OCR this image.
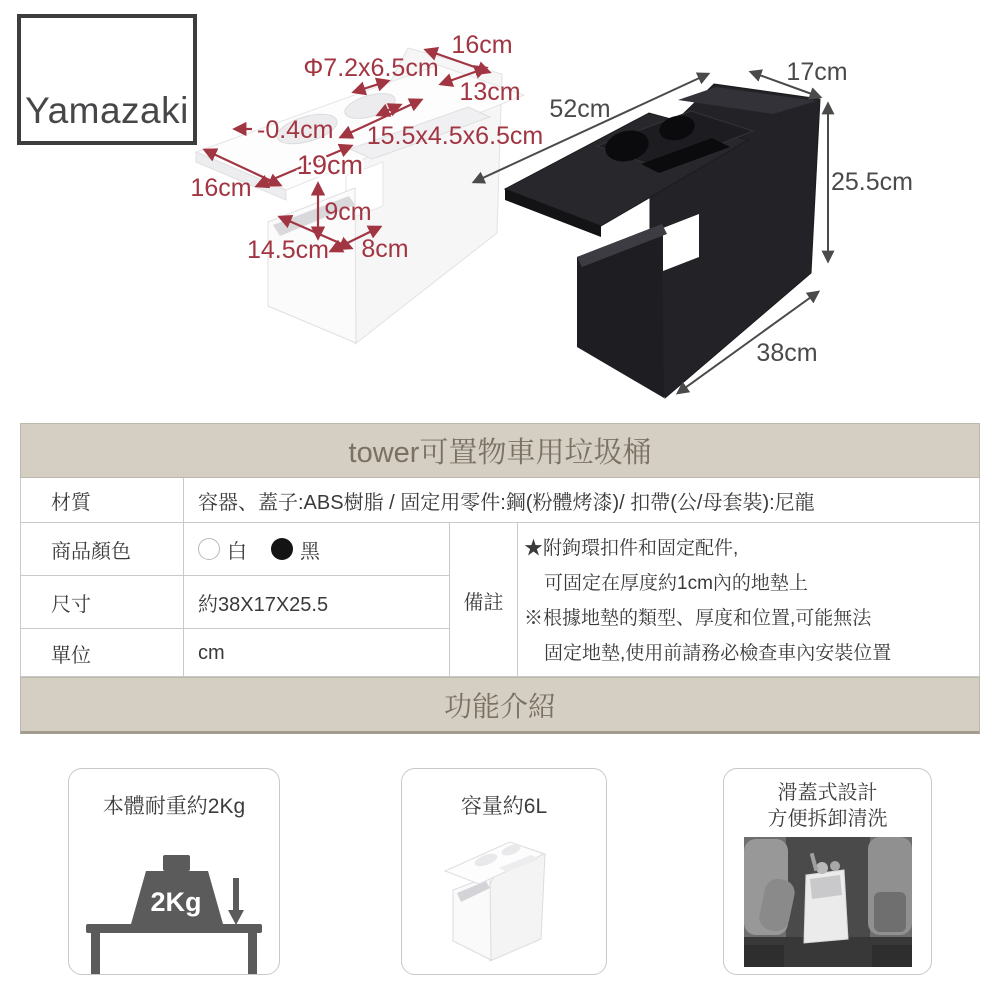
Yamazaki
16cm
Φ7.2x6.5cm
13cm
-0.4cm 15.5x4.5x6.5cm
19cm
16cm
9cm
14.5cm 8cm
52cm
17cm
25.5cm
38cm
tower可置物車用垃圾桶
材質	容器、蓋子:ABS樹脂 / 固定用零件:鋼(粉體烤漆)/ 扣帶(公/母套裝):尼龍
商品顏色	白	黑
備註
★附鉤環扣件和固定配件,
可固定在厚度約1cm內的地墊上
※根據地墊的類型、厚度和位置,可能無法
固定地墊,使用前請務必檢查車內安裝位置
尺寸	約38X17X25.5
單位	cm
功能介紹
本體耐重約2Kg
2Kg
容量約6L
滑蓋式設計
方便拆卸清洗
